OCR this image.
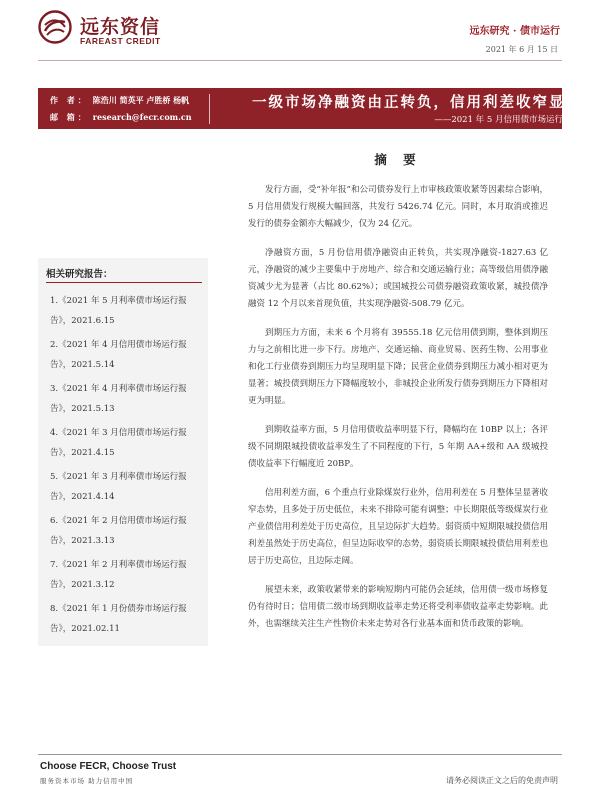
远东资信
FAREAST CREDIT
远东研究 · 债市运行
2021 年 6 月 15 日
作 者： 陈浩川 简英平 卢胜桥 杨帆
邮 箱： research@fecr.com.cn
一级市场净融资由正转负，信用利差收窄显著
——2021 年 5 月信用债市场运行报告
相关研究报告：
1.《2021 年 5 月利率债市场运行报告》，2021.6.15
2.《2021 年 4 月信用债市场运行报告》，2021.5.14
3.《2021 年 4 月利率债市场运行报告》，2021.5.13
4.《2021 年 3 月信用债市场运行报告》，2021.4.15
5.《2021 年 3 月利率债市场运行报告》，2021.4.14
6.《2021 年 2 月信用债市场运行报告》，2021.3.13
7.《2021 年 2 月利率债市场运行报告》，2021.3.12
8.《2021 年 1 月份债券市场运行报告》，2021.02.11
摘 要

发行方面，受“补年报”和公司债券发行上市审核政策收紧等因素综合影响，5 月信用债发行规模大幅回落，共发行 5426.74 亿元。同时，本月取消或推迟发行的债券金额亦大幅减少，仅为 24 亿元。

净融资方面，5 月份信用债净融资由正转负，共实现净融资-1827.63 亿元，净融资的减少主要集中于房地产、综合和交通运输行业；高等级信用债净融资减少尤为显著（占比 80.62%）；或国城投公司债券融资政策收紧，城投债净融资 12 个月以来首现负值，共实现净融资-508.79 亿元。

到期压力方面，未来 6 个月将有 39555.18 亿元信用债到期，整体到期压力与之前相比进一步下行。房地产、交通运输、商业贸易、医药生物、公用事业和化工行业债券到期压力均呈现明显下降；民营企业债券到期压力减小相对更为显著；城投债到期压力下降幅度较小，非城投企业所发行债券到期压力下降相对更为明显。

到期收益率方面，5 月信用债收益率明显下行，降幅均在 10BP 以上；各评级不同期限城投债收益率发生了不同程度的下行，5 年期 AA+级和 AA 级城投债收益率下行幅度近 20BP。

信用利差方面，6 个重点行业除煤炭行业外，信用利差在 5 月整体呈显著收窄态势，且多处于历史低位，未来不排除可能有调整；中长期限低等级煤炭行业产业债信用利差处于历史高位，且呈边际扩大趋势。弱资质中短期限城投债信用利差虽然处于历史高位，但呈边际收窄的态势，弱资质长期限城投债信用利差也居于历史高位，且边际走阔。

展望未来，政策收紧带来的影响短期内可能仍会延续，信用债一级市场修复仍有待时日；信用债二级市场到期收益率走势还将受利率债收益率走势影响。此外，也需继续关注生产性物价未来走势对各行业基本面和货币政策的影响。

Choose FECR, Choose Trust
服务资本市场 助力信用中国	请务必阅读正文之后的免责声明
